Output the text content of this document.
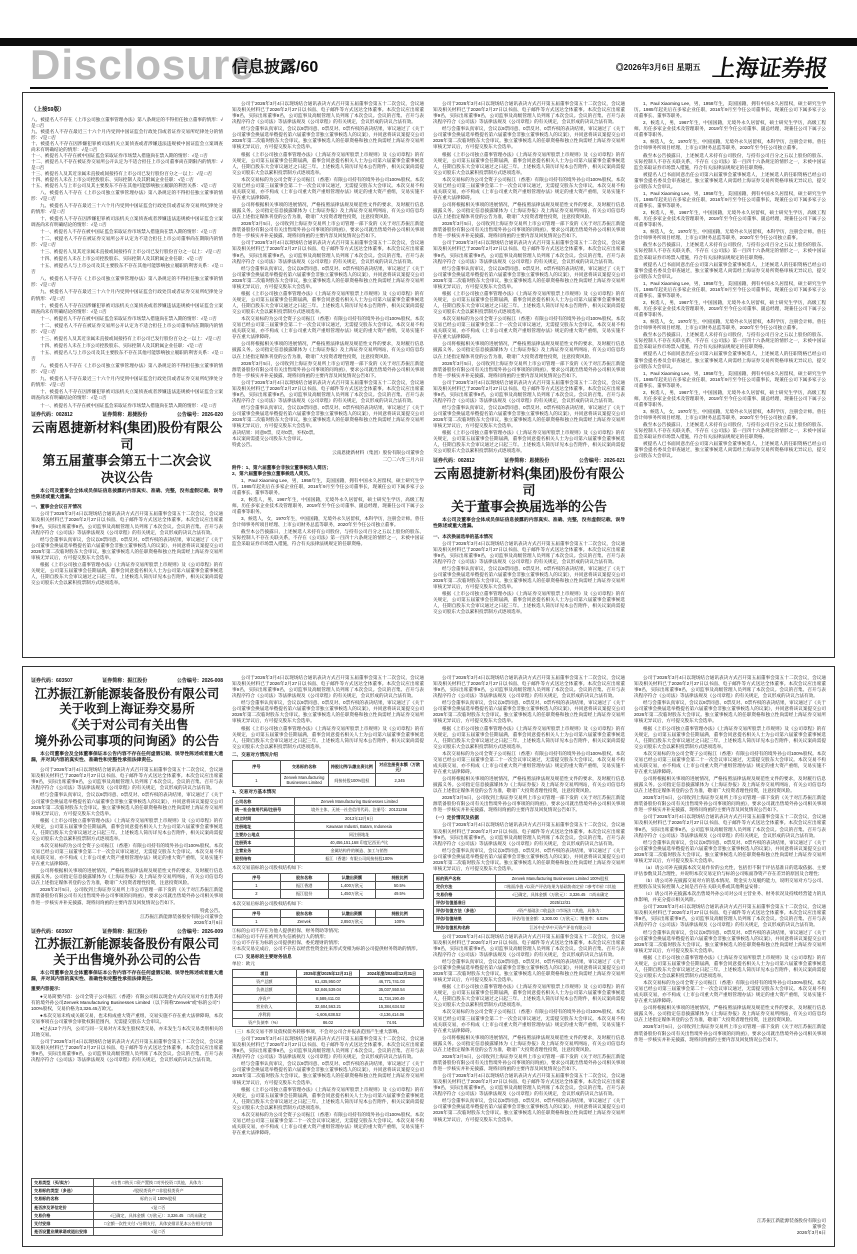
Disclosure
信息披露/60	$^{◎2026年3月6日 星期五}$ 上海证券报

（上接59版）

八、被提名人不存在《上市公司独立董事管理办法》第八条规定的不得担任独立董事的情形：√是 □否

九、被提名人不存在最近三十六个月内受到中国证监会行政处罚或者证券交易所纪律处分的情形：√是 □否

十、被提名人不存在因涉嫌犯罪被司法机关立案侦查或者涉嫌违法违规被中国证监会立案调查尚未有明确结论的情形：√是 □否

十一、被提名人不存在被中国证监会采取证券市场禁入措施尚在禁入期的情形：√是 □否

十二、被提名人不存在被证券交易所公开认定为不适合担任上市公司董事尚在期限内的情形：√是 □否

十三、被提名人及其近亲属未直接或间接持有上市公司已发行股份百分之一以上：√是 □否

十四、被提名人未在上市公司控股股东、实际控制人及其附属企业任职：√是 □否

十五、被提名人与上市公司及其主要股东不存在其他可能影响独立履职的利害关系：√是 □否

八、被提名人不存在《上市公司独立董事管理办法》第八条规定的不得担任独立董事的情形：√是 □否

九、被提名人不存在最近三十六个月内受到中国证监会行政处罚或者证券交易所纪律处分的情形：√是 □否

十、被提名人不存在因涉嫌犯罪被司法机关立案侦查或者涉嫌违法违规被中国证监会立案调查尚未有明确结论的情形：√是 □否

十一、被提名人不存在被中国证监会采取证券市场禁入措施尚在禁入期的情形：√是 □否

十二、被提名人不存在被证券交易所公开认定为不适合担任上市公司董事尚在期限内的情形：√是 □否

十三、被提名人及其近亲属未直接或间接持有上市公司已发行股份百分之一以上：√是 □否

十四、被提名人未在上市公司控股股东、实际控制人及其附属企业任职：√是 □否

十五、被提名人与上市公司及其主要股东不存在其他可能影响独立履职的利害关系：√是 □否

八、被提名人不存在《上市公司独立董事管理办法》第八条规定的不得担任独立董事的情形：√是 □否

九、被提名人不存在最近三十六个月内受到中国证监会行政处罚或者证券交易所纪律处分的情形：√是 □否

十、被提名人不存在因涉嫌犯罪被司法机关立案侦查或者涉嫌违法违规被中国证监会立案调查尚未有明确结论的情形：√是 □否

十一、被提名人不存在被中国证监会采取证券市场禁入措施尚在禁入期的情形：√是 □否

十二、被提名人不存在被证券交易所公开认定为不适合担任上市公司董事尚在期限内的情形：√是 □否

十三、被提名人及其近亲属未直接或间接持有上市公司已发行股份百分之一以上：√是 □否

十四、被提名人未在上市公司控股股东、实际控制人及其附属企业任职：√是 □否

十五、被提名人与上市公司及其主要股东不存在其他可能影响独立履职的利害关系：√是 □否

八、被提名人不存在《上市公司独立董事管理办法》第八条规定的不得担任独立董事的情形：√是 □否

九、被提名人不存在最近三十六个月内受到中国证监会行政处罚或者证券交易所纪律处分的情形：√是 □否

十、被提名人不存在因涉嫌犯罪被司法机关立案侦查或者涉嫌违法违规被中国证监会立案调查尚未有明确结论的情形：√是 □否

十一、被提名人不存在被中国证监会采取证券市场禁入措施尚在禁入期的情形：√是 □否

证券代码：002812	证券简称：恩捷股份	公告编号：2026-020

云南恩捷新材料(集团)股份有限公司

第五届董事会第五十二次会议

决议公告

本公司及董事会全体成员保证信息披露的内容真实、准确、完整，没有虚假记载、误导性陈述或重大遗漏。

一、董事会会议召开情况

公司于2026年3月4日以现场结合通讯表决方式召开第五届董事会第五十二次会议，会议通知及相关材料已于2026年2月27日以书面、电子邮件等方式送达全体董事。本次会议应出席董事9名，实际出席董事9名，公司监事及高级管理人员列席了本次会议。会议的召集、召开与表决程序符合《公司法》等法律法规及《公司章程》的有关规定，会议形成的决议合法有效。

经与会董事认真审议，会议以9票同意、0票反对、0票弃权的表决结果，审议通过了《关于公司董事会换届选举暨提名第六届董事会非独立董事候选人的议案》，并同意将该议案提交公司2026年第二次临时股东大会审议。独立董事候选人的任职资格和独立性尚需经上海证券交易所审核无异议后，方可提交股东大会选举。

根据《上市公司独立董事管理办法》《上海证券交易所股票上市规则》及《公司章程》的有关规定，公司第五届董事会任期届满，董事会同意提名相关人士为公司第六届董事会董事候选人，任期自股东大会审议通过之日起三年。上述候选人简历详见本公告附件，相关议案尚需提交公司股东大会以累积投票制方式逐项选举。

公司于2026年3月4日以现场结合通讯表决方式召开第五届董事会第五十二次会议，会议通知及相关材料已于2026年2月27日以书面、电子邮件等方式送达全体董事。本次会议应出席董事9名，实际出席董事9名，公司监事及高级管理人员列席了本次会议。会议的召集、召开与表决程序符合《公司法》等法律法规及《公司章程》的有关规定，会议形成的决议合法有效。

经与会董事认真审议，会议以9票同意、0票反对、0票弃权的表决结果，审议通过了《关于公司董事会换届选举暨提名第六届董事会非独立董事候选人的议案》，并同意将该议案提交公司2026年第二次临时股东大会审议。独立董事候选人的任职资格和独立性尚需经上海证券交易所审核无异议后，方可提交股东大会选举。

根据《上市公司独立董事管理办法》《上海证券交易所股票上市规则》及《公司章程》的有关规定，公司第五届董事会任期届满，董事会同意提名相关人士为公司第六届董事会董事候选人，任期自股东大会审议通过之日起三年。上述候选人简历详见本公告附件，相关议案尚需提交公司股东大会以累积投票制方式逐项选举。

本次交易标的为公司全资子公司振江（香港）有限公司持有的境外孙公司100%股权。本次交易已经公司第三届董事会第二十一次会议审议通过，无需提交股东大会审议。本次交易不构成关联交易，亦不构成《上市公司重大资产重组管理办法》规定的重大资产重组，交易实施不存在重大法律障碍。

公司将根据相关事项的进展情况，严格按照法律法规及规范性文件的要求，及时履行信息披露义务。公司指定信息披露媒体为《上海证券报》及上海证券交易所网站，有关公司信息均以在上述指定媒体刊登的公告为准，敬请广大投资者理性投资，注意投资风险。

2026年3月5日，公司收到上海证券交易所上市公司管理一部下发的《关于对江苏振江新能源装备股份有限公司有关出售境外孙公司事项的问询函》，要求公司就出售境外孙公司相关事项作进一步核实并补充披露，现将问询函的主要内容及回复情况公告如下。

公司于2026年3月4日以现场结合通讯表决方式召开第五届董事会第五十二次会议，会议通知及相关材料已于2026年2月27日以书面、电子邮件等方式送达全体董事。本次会议应出席董事9名，实际出席董事9名，公司监事及高级管理人员列席了本次会议。会议的召集、召开与表决程序符合《公司法》等法律法规及《公司章程》的有关规定，会议形成的决议合法有效。

经与会董事认真审议，会议以9票同意、0票反对、0票弃权的表决结果，审议通过了《关于公司董事会换届选举暨提名第六届董事会非独立董事候选人的议案》，并同意将该议案提交公司2026年第二次临时股东大会审议。独立董事候选人的任职资格和独立性尚需经上海证券交易所审核无异议后，方可提交股东大会选举。

根据《上市公司独立董事管理办法》《上海证券交易所股票上市规则》及《公司章程》的有关规定，公司第五届董事会任期届满，董事会同意提名相关人士为公司第六届董事会董事候选人，任期自股东大会审议通过之日起三年。上述候选人简历详见本公告附件，相关议案尚需提交公司股东大会以累积投票制方式逐项选举。

本次交易标的为公司全资子公司振江（香港）有限公司持有的境外孙公司100%股权。本次交易已经公司第三届董事会第二十一次会议审议通过，无需提交股东大会审议。本次交易不构成关联交易，亦不构成《上市公司重大资产重组管理办法》规定的重大资产重组，交易实施不存在重大法律障碍。

公司将根据相关事项的进展情况，严格按照法律法规及规范性文件的要求，及时履行信息披露义务。公司指定信息披露媒体为《上海证券报》及上海证券交易所网站，有关公司信息均以在上述指定媒体刊登的公告为准，敬请广大投资者理性投资，注意投资风险。

2026年3月5日，公司收到上海证券交易所上市公司管理一部下发的《关于对江苏振江新能源装备股份有限公司有关出售境外孙公司事项的问询函》，要求公司就出售境外孙公司相关事项作进一步核实并补充披露，现将问询函的主要内容及回复情况公告如下。

公司于2026年3月4日以现场结合通讯表决方式召开第五届董事会第五十二次会议，会议通知及相关材料已于2026年2月27日以书面、电子邮件等方式送达全体董事。本次会议应出席董事9名，实际出席董事9名，公司监事及高级管理人员列席了本次会议。会议的召集、召开与表决程序符合《公司法》等法律法规及《公司章程》的有关规定，会议形成的决议合法有效。

经与会董事认真审议，会议以9票同意、0票反对、0票弃权的表决结果，审议通过了《关于公司董事会换届选举暨提名第六届董事会非独立董事候选人的议案》，并同意将该议案提交公司2026年第二次临时股东大会审议。独立董事候选人的任职资格和独立性尚需经上海证券交易所审核无异议后，方可提交股东大会选举。

表决结果：同意9票，反对0票，弃权0票。

本议案尚需提交公司股东大会审议。

特此公告。

云南恩捷新材料（集团）股份有限公司董事会

二〇二六年三月六日

附件：1、第六届董事会非独立董事候选人简历；

2、第六届董事会独立董事候选人简历。

1、Paul Xiaoming Lee，男，1958年生，美国国籍，拥有中国永久居留权，硕士研究生学历。1985年起先后在多家企业任职，2016年9月至今任公司董事长，现兼任公司下属多家子公司董事长、董事等职务。

2、候选人，男，1967年生，中国国籍，无境外永久居留权，硕士研究生学历，高级工程师。历任多家企业技术及管理职务，2019年至今任公司董事、副总经理，现兼任公司下属子公司董事等职务。

3、候选人，女，1970年生，中国国籍，无境外永久居留权，本科学历，注册会计师。曾任会计师事务所项目经理、上市公司财务总监等职务，2020年至今任公司独立董事。

截至本公告披露日，上述候选人未持有公司股份，与持有公司百分之五以上股份的股东、实际控制人不存在关联关系，不存在《公司法》第一百四十六条规定的情形之一，未被中国证监会采取证券市场禁入措施，符合有关法律法规规定的任职资格。

公司于2026年3月4日以现场结合通讯表决方式召开第五届董事会第五十二次会议，会议通知及相关材料已于2026年2月27日以书面、电子邮件等方式送达全体董事。本次会议应出席董事9名，实际出席董事9名，公司监事及高级管理人员列席了本次会议。会议的召集、召开与表决程序符合《公司法》等法律法规及《公司章程》的有关规定，会议形成的决议合法有效。

经与会董事认真审议，会议以9票同意、0票反对、0票弃权的表决结果，审议通过了《关于公司董事会换届选举暨提名第六届董事会非独立董事候选人的议案》，并同意将该议案提交公司2026年第二次临时股东大会审议。独立董事候选人的任职资格和独立性尚需经上海证券交易所审核无异议后，方可提交股东大会选举。

根据《上市公司独立董事管理办法》《上海证券交易所股票上市规则》及《公司章程》的有关规定，公司第五届董事会任期届满，董事会同意提名相关人士为公司第六届董事会董事候选人，任期自股东大会审议通过之日起三年。上述候选人简历详见本公告附件，相关议案尚需提交公司股东大会以累积投票制方式逐项选举。

本次交易标的为公司全资子公司振江（香港）有限公司持有的境外孙公司100%股权。本次交易已经公司第三届董事会第二十一次会议审议通过，无需提交股东大会审议。本次交易不构成关联交易，亦不构成《上市公司重大资产重组管理办法》规定的重大资产重组，交易实施不存在重大法律障碍。

公司将根据相关事项的进展情况，严格按照法律法规及规范性文件的要求，及时履行信息披露义务。公司指定信息披露媒体为《上海证券报》及上海证券交易所网站，有关公司信息均以在上述指定媒体刊登的公告为准，敬请广大投资者理性投资，注意投资风险。

2026年3月5日，公司收到上海证券交易所上市公司管理一部下发的《关于对江苏振江新能源装备股份有限公司有关出售境外孙公司事项的问询函》，要求公司就出售境外孙公司相关事项作进一步核实并补充披露，现将问询函的主要内容及回复情况公告如下。

公司于2026年3月4日以现场结合通讯表决方式召开第五届董事会第五十二次会议，会议通知及相关材料已于2026年2月27日以书面、电子邮件等方式送达全体董事。本次会议应出席董事9名，实际出席董事9名，公司监事及高级管理人员列席了本次会议。会议的召集、召开与表决程序符合《公司法》等法律法规及《公司章程》的有关规定，会议形成的决议合法有效。

经与会董事认真审议，会议以9票同意、0票反对、0票弃权的表决结果，审议通过了《关于公司董事会换届选举暨提名第六届董事会非独立董事候选人的议案》，并同意将该议案提交公司2026年第二次临时股东大会审议。独立董事候选人的任职资格和独立性尚需经上海证券交易所审核无异议后，方可提交股东大会选举。

根据《上市公司独立董事管理办法》《上海证券交易所股票上市规则》及《公司章程》的有关规定，公司第五届董事会任期届满，董事会同意提名相关人士为公司第六届董事会董事候选人，任期自股东大会审议通过之日起三年。上述候选人简历详见本公告附件，相关议案尚需提交公司股东大会以累积投票制方式逐项选举。

本次交易标的为公司全资子公司振江（香港）有限公司持有的境外孙公司100%股权。本次交易已经公司第三届董事会第二十一次会议审议通过，无需提交股东大会审议。本次交易不构成关联交易，亦不构成《上市公司重大资产重组管理办法》规定的重大资产重组，交易实施不存在重大法律障碍。

公司将根据相关事项的进展情况，严格按照法律法规及规范性文件的要求，及时履行信息披露义务。公司指定信息披露媒体为《上海证券报》及上海证券交易所网站，有关公司信息均以在上述指定媒体刊登的公告为准，敬请广大投资者理性投资，注意投资风险。

2026年3月5日，公司收到上海证券交易所上市公司管理一部下发的《关于对江苏振江新能源装备股份有限公司有关出售境外孙公司事项的问询函》，要求公司就出售境外孙公司相关事项作进一步核实并补充披露，现将问询函的主要内容及回复情况公告如下。

公司于2026年3月4日以现场结合通讯表决方式召开第五届董事会第五十二次会议，会议通知及相关材料已于2026年2月27日以书面、电子邮件等方式送达全体董事。本次会议应出席董事9名，实际出席董事9名，公司监事及高级管理人员列席了本次会议。会议的召集、召开与表决程序符合《公司法》等法律法规及《公司章程》的有关规定，会议形成的决议合法有效。

经与会董事认真审议，会议以9票同意、0票反对、0票弃权的表决结果，审议通过了《关于公司董事会换届选举暨提名第六届董事会非独立董事候选人的议案》，并同意将该议案提交公司2026年第二次临时股东大会审议。独立董事候选人的任职资格和独立性尚需经上海证券交易所审核无异议后，方可提交股东大会选举。

根据《上市公司独立董事管理办法》《上海证券交易所股票上市规则》及《公司章程》的有关规定，公司第五届董事会任期届满，董事会同意提名相关人士为公司第六届董事会董事候选人，任期自股东大会审议通过之日起三年。上述候选人简历详见本公告附件，相关议案尚需提交公司股东大会以累积投票制方式逐项选举。

证券代码：002812	证券简称：恩捷股份	公告编号：2026-021

云南恩捷新材料(集团)股份有限公司

关于董事会换届选举的公告

本公司及董事会全体成员保证信息披露的内容真实、准确、完整，没有虚假记载、误导性陈述或重大遗漏。

一、本次换届选举的基本情况

公司于2026年3月4日以现场结合通讯表决方式召开第五届董事会第五十二次会议，会议通知及相关材料已于2026年2月27日以书面、电子邮件等方式送达全体董事。本次会议应出席董事9名，实际出席董事9名，公司监事及高级管理人员列席了本次会议。会议的召集、召开与表决程序符合《公司法》等法律法规及《公司章程》的有关规定，会议形成的决议合法有效。

经与会董事认真审议，会议以9票同意、0票反对、0票弃权的表决结果，审议通过了《关于公司董事会换届选举暨提名第六届董事会非独立董事候选人的议案》，并同意将该议案提交公司2026年第二次临时股东大会审议。独立董事候选人的任职资格和独立性尚需经上海证券交易所审核无异议后，方可提交股东大会选举。

根据《上市公司独立董事管理办法》《上海证券交易所股票上市规则》及《公司章程》的有关规定，公司第五届董事会任期届满，董事会同意提名相关人士为公司第六届董事会董事候选人，任期自股东大会审议通过之日起三年。上述候选人简历详见本公告附件，相关议案尚需提交公司股东大会以累积投票制方式逐项选举。

1、Paul Xiaoming Lee，男，1958年生，美国国籍，拥有中国永久居留权，硕士研究生学历。1985年起先后在多家企业任职，2016年9月至今任公司董事长，现兼任公司下属多家子公司董事长、董事等职务。

2、候选人，男，1967年生，中国国籍，无境外永久居留权，硕士研究生学历，高级工程师。历任多家企业技术及管理职务，2019年至今任公司董事、副总经理，现兼任公司下属子公司董事等职务。

3、候选人，女，1970年生，中国国籍，无境外永久居留权，本科学历，注册会计师。曾任会计师事务所项目经理、上市公司财务总监等职务，2020年至今任公司独立董事。

截至本公告披露日，上述候选人未持有公司股份，与持有公司百分之五以上股份的股东、实际控制人不存在关联关系，不存在《公司法》第一百四十六条规定的情形之一，未被中国证监会采取证券市场禁入措施，符合有关法律法规规定的任职资格。

被提名人已书面同意出任公司第六届董事会董事候选人，上述候选人的任职资格已经公司董事会提名委员会审查通过，独立董事候选人尚需经上海证券交易所资格审核无异议后，提交公司股东大会审议。

1、Paul Xiaoming Lee，男，1958年生，美国国籍，拥有中国永久居留权，硕士研究生学历。1985年起先后在多家企业任职，2016年9月至今任公司董事长，现兼任公司下属多家子公司董事长、董事等职务。

2、候选人，男，1967年生，中国国籍，无境外永久居留权，硕士研究生学历，高级工程师。历任多家企业技术及管理职务，2019年至今任公司董事、副总经理，现兼任公司下属子公司董事等职务。

3、候选人，女，1970年生，中国国籍，无境外永久居留权，本科学历，注册会计师。曾任会计师事务所项目经理、上市公司财务总监等职务，2020年至今任公司独立董事。

截至本公告披露日，上述候选人未持有公司股份，与持有公司百分之五以上股份的股东、实际控制人不存在关联关系，不存在《公司法》第一百四十六条规定的情形之一，未被中国证监会采取证券市场禁入措施，符合有关法律法规规定的任职资格。

被提名人已书面同意出任公司第六届董事会董事候选人，上述候选人的任职资格已经公司董事会提名委员会审查通过，独立董事候选人尚需经上海证券交易所资格审核无异议后，提交公司股东大会审议。

1、Paul Xiaoming Lee，男，1958年生，美国国籍，拥有中国永久居留权，硕士研究生学历。1985年起先后在多家企业任职，2016年9月至今任公司董事长，现兼任公司下属多家子公司董事长、董事等职务。

2、候选人，男，1967年生，中国国籍，无境外永久居留权，硕士研究生学历，高级工程师。历任多家企业技术及管理职务，2019年至今任公司董事、副总经理，现兼任公司下属子公司董事等职务。

3、候选人，女，1970年生，中国国籍，无境外永久居留权，本科学历，注册会计师。曾任会计师事务所项目经理、上市公司财务总监等职务，2020年至今任公司独立董事。

截至本公告披露日，上述候选人未持有公司股份，与持有公司百分之五以上股份的股东、实际控制人不存在关联关系，不存在《公司法》第一百四十六条规定的情形之一，未被中国证监会采取证券市场禁入措施，符合有关法律法规规定的任职资格。

被提名人已书面同意出任公司第六届董事会董事候选人，上述候选人的任职资格已经公司董事会提名委员会审查通过，独立董事候选人尚需经上海证券交易所资格审核无异议后，提交公司股东大会审议。

1、Paul Xiaoming Lee，男，1958年生，美国国籍，拥有中国永久居留权，硕士研究生学历。1985年起先后在多家企业任职，2016年9月至今任公司董事长，现兼任公司下属多家子公司董事长、董事等职务。

2、候选人，男，1967年生，中国国籍，无境外永久居留权，硕士研究生学历，高级工程师。历任多家企业技术及管理职务，2019年至今任公司董事、副总经理，现兼任公司下属子公司董事等职务。

3、候选人，女，1970年生，中国国籍，无境外永久居留权，本科学历，注册会计师。曾任会计师事务所项目经理、上市公司财务总监等职务，2020年至今任公司独立董事。

截至本公告披露日，上述候选人未持有公司股份，与持有公司百分之五以上股份的股东、实际控制人不存在关联关系，不存在《公司法》第一百四十六条规定的情形之一，未被中国证监会采取证券市场禁入措施，符合有关法律法规规定的任职资格。

被提名人已书面同意出任公司第六届董事会董事候选人，上述候选人的任职资格已经公司董事会提名委员会审查通过，独立董事候选人尚需经上海证券交易所资格审核无异议后，提交公司股东大会审议。

证券代码：603507	证券简称：振江股份	公告编号：2026-008

江苏振江新能源装备股份有限公司

关于收到上海证券交易所

《关于对公司有关出售

境外孙公司事项的问询函》的公告

本公司董事会及全体董事保证本公告内容不存在任何虚假记载、误导性陈述或者重大遗漏，并对其内容的真实性、准确性和完整性承担法律责任。

公司于2026年3月4日以现场结合通讯表决方式召开第五届董事会第五十二次会议，会议通知及相关材料已于2026年2月27日以书面、电子邮件等方式送达全体董事。本次会议应出席董事9名，实际出席董事9名，公司监事及高级管理人员列席了本次会议。会议的召集、召开与表决程序符合《公司法》等法律法规及《公司章程》的有关规定，会议形成的决议合法有效。

经与会董事认真审议，会议以9票同意、0票反对、0票弃权的表决结果，审议通过了《关于公司董事会换届选举暨提名第六届董事会非独立董事候选人的议案》，并同意将该议案提交公司2026年第二次临时股东大会审议。独立董事候选人的任职资格和独立性尚需经上海证券交易所审核无异议后，方可提交股东大会选举。

根据《上市公司独立董事管理办法》《上海证券交易所股票上市规则》及《公司章程》的有关规定，公司第五届董事会任期届满，董事会同意提名相关人士为公司第六届董事会董事候选人，任期自股东大会审议通过之日起三年。上述候选人简历详见本公告附件，相关议案尚需提交公司股东大会以累积投票制方式逐项选举。

本次交易标的为公司全资子公司振江（香港）有限公司持有的境外孙公司100%股权。本次交易已经公司第三届董事会第二十一次会议审议通过，无需提交股东大会审议。本次交易不构成关联交易，亦不构成《上市公司重大资产重组管理办法》规定的重大资产重组，交易实施不存在重大法律障碍。

公司将根据相关事项的进展情况，严格按照法律法规及规范性文件的要求，及时履行信息披露义务。公司指定信息披露媒体为《上海证券报》及上海证券交易所网站，有关公司信息均以在上述指定媒体刊登的公告为准，敬请广大投资者理性投资，注意投资风险。

2026年3月5日，公司收到上海证券交易所上市公司管理一部下发的《关于对江苏振江新能源装备股份有限公司有关出售境外孙公司事项的问询函》，要求公司就出售境外孙公司相关事项作进一步核实并补充披露，现将问询函的主要内容及回复情况公告如下。

特此公告。

江苏振江新能源装备股份有限公司董事会

2026年3月6日

证券代码：603507	证券简称：振江股份	公告编号：2026-009

江苏振江新能源装备股份有限公司

关于出售境外孙公司的公告

本公司董事会及全体董事保证本公告内容不存在任何虚假记载、误导性陈述或者重大遗漏，并对其内容的真实性、准确性和完整性承担法律责任。

重要内容提示：

●交易简要内容：公司全资子公司振江（香港）有限公司拟以现金方式向交易对方出售其持有的境外孙公司Zenvek Manufacturing Businesses Limited（以下简称“Zenvek”或“标的公司”）100%股权，交易价格为3,326.45万欧元。

●本次交易未构成关联交易，也未构成重大资产重组，交易实施不存在重大法律障碍，本次交易事项在公司董事会审批权限范围内，无需提交股东大会审议。

●过去12个月内，公司与同一交易对方未发生股权类交易，亦未发生与本次交易类别相关的其他交易。

公司于2026年3月4日以现场结合通讯表决方式召开第五届董事会第五十二次会议，会议通知及相关材料已于2026年2月27日以书面、电子邮件等方式送达全体董事。本次会议应出席董事9名，实际出席董事9名，公司监事及高级管理人员列席了本次会议。会议的召集、召开与表决程序符合《公司法》等法律法规及《公司章程》的有关规定，会议形成的决议合法有效。

交易类型（买/卖方）	√出售 □购买 □资产置换 □对外投资 □其他，具体为：
交易标的类型（多选）	√股权类资产 □非股权类资产
交易标的名称	标的公司 100%股权
是否涉及评估定价	√是 □否
交易价格	√已确定，具体金额（万欧元）：3,326.45　□尚未确定
支付安排	□全额一次性支付 √分期支付，具体安排详见本公告相关内容
是否设置业绩承诺或退出安排	√是 □否

公司于2026年3月4日以现场结合通讯表决方式召开第五届董事会第五十二次会议，会议通知及相关材料已于2026年2月27日以书面、电子邮件等方式送达全体董事。本次会议应出席董事9名，实际出席董事9名，公司监事及高级管理人员列席了本次会议。会议的召集、召开与表决程序符合《公司法》等法律法规及《公司章程》的有关规定，会议形成的决议合法有效。

经与会董事认真审议，会议以9票同意、0票反对、0票弃权的表决结果，审议通过了《关于公司董事会换届选举暨提名第六届董事会非独立董事候选人的议案》，并同意将该议案提交公司2026年第二次临时股东大会审议。独立董事候选人的任职资格和独立性尚需经上海证券交易所审核无异议后，方可提交股东大会选举。

根据《上市公司独立董事管理办法》《上海证券交易所股票上市规则》及《公司章程》的有关规定，公司第五届董事会任期届满，董事会同意提名相关人士为公司第六届董事会董事候选人，任期自股东大会审议通过之日起三年。上述候选人简历详见本公告附件，相关议案尚需提交公司股东大会以累积投票制方式逐项选举。

二、交易对方情况介绍

序号	交易标的名称	持股比例/认缴出资比例	对应注册资本额（万欧元）
1	Zenvek Manufacturing Businesses Limited	间接持股100%股权	2,345

1、交易对方基本情况

公司名称	Zenvek Manufacturing Businesses Limited
统一社会信用代码/注册号	境外主体，无统一社会信用代码，注册号：20131258
成立时间	2013年12月6日
注册地址	Kawasan Industri, Batam, Indonesia
主要办公地点	同注册地址
注册资本	40,456,151,168 印度尼西亚卢比
主营业务	金属结构件的制造、加工与销售
股权结构	振江（香港）有限公司间接持股100%

本次交易前标的公司股权结构如下：

序号	股东名称	认缴出资额	持股比例
1	振江香港	1,400万欧元	50.5%
2	振江股份	1,450万欧元	49.5%

本次交易后标的公司股权结构如下：

序号	股东名称	认缴出资额	持股比例
1	Zenvek	2,850万欧元	100%

①标的公司不存在为他人提供担保、财务资助等情况；

②标的公司不存在被列为失信被执行人的情形；

③公司不存在为标的公司提供担保、委托理财的情形；

④本次交易完成后，公司不存在以经营性资金往来形式变相为标的公司提供财务资助的情形。

（二）交易标的主要财务信息

单位：欧元

项目	2025年度/2025年12月31日	2024年度/2024年12月31日
资产总额	61,435,950.07	46,771,741.03
负债总额	52,846,539.04	35,037,550.54
净资产	8,589,411.03	11,734,190.49
营业收入	32,604,563.21	15,384,634.52
净利润	-1,606,638.52	-3,136,414.06
资产负债率（%）	86.02	74.91

（三）本次交易不涉及债权债务转移事项，不会对公司合并报表范围产生重大影响。

公司于2026年3月4日以现场结合通讯表决方式召开第五届董事会第五十二次会议，会议通知及相关材料已于2026年2月27日以书面、电子邮件等方式送达全体董事。本次会议应出席董事9名，实际出席董事9名，公司监事及高级管理人员列席了本次会议。会议的召集、召开与表决程序符合《公司法》等法律法规及《公司章程》的有关规定，会议形成的决议合法有效。

经与会董事认真审议，会议以9票同意、0票反对、0票弃权的表决结果，审议通过了《关于公司董事会换届选举暨提名第六届董事会非独立董事候选人的议案》，并同意将该议案提交公司2026年第二次临时股东大会审议。独立董事候选人的任职资格和独立性尚需经上海证券交易所审核无异议后，方可提交股东大会选举。

根据《上市公司独立董事管理办法》《上海证券交易所股票上市规则》及《公司章程》的有关规定，公司第五届董事会任期届满，董事会同意提名相关人士为公司第六届董事会董事候选人，任期自股东大会审议通过之日起三年。上述候选人简历详见本公告附件，相关议案尚需提交公司股东大会以累积投票制方式逐项选举。

本次交易标的为公司全资子公司振江（香港）有限公司持有的境外孙公司100%股权。本次交易已经公司第三届董事会第二十一次会议审议通过，无需提交股东大会审议。本次交易不构成关联交易，亦不构成《上市公司重大资产重组管理办法》规定的重大资产重组，交易实施不存在重大法律障碍。

公司于2026年3月4日以现场结合通讯表决方式召开第五届董事会第五十二次会议，会议通知及相关材料已于2026年2月27日以书面、电子邮件等方式送达全体董事。本次会议应出席董事9名，实际出席董事9名，公司监事及高级管理人员列席了本次会议。会议的召集、召开与表决程序符合《公司法》等法律法规及《公司章程》的有关规定，会议形成的决议合法有效。

经与会董事认真审议，会议以9票同意、0票反对、0票弃权的表决结果，审议通过了《关于公司董事会换届选举暨提名第六届董事会非独立董事候选人的议案》，并同意将该议案提交公司2026年第二次临时股东大会审议。独立董事候选人的任职资格和独立性尚需经上海证券交易所审核无异议后，方可提交股东大会选举。

根据《上市公司独立董事管理办法》《上海证券交易所股票上市规则》及《公司章程》的有关规定，公司第五届董事会任期届满，董事会同意提名相关人士为公司第六届董事会董事候选人，任期自股东大会审议通过之日起三年。上述候选人简历详见本公告附件，相关议案尚需提交公司股东大会以累积投票制方式逐项选举。

本次交易标的为公司全资子公司振江（香港）有限公司持有的境外孙公司100%股权。本次交易已经公司第三届董事会第二十一次会议审议通过，无需提交股东大会审议。本次交易不构成关联交易，亦不构成《上市公司重大资产重组管理办法》规定的重大资产重组，交易实施不存在重大法律障碍。

公司将根据相关事项的进展情况，严格按照法律法规及规范性文件的要求，及时履行信息披露义务。公司指定信息披露媒体为《上海证券报》及上海证券交易所网站，有关公司信息均以在上述指定媒体刊登的公告为准，敬请广大投资者理性投资，注意投资风险。

2026年3月5日，公司收到上海证券交易所上市公司管理一部下发的《关于对江苏振江新能源装备股份有限公司有关出售境外孙公司事项的问询函》，要求公司就出售境外孙公司相关事项作进一步核实并补充披露，现将问询函的主要内容及回复情况公告如下。

（一）定价情况及依据

公司于2026年3月4日以现场结合通讯表决方式召开第五届董事会第五十二次会议，会议通知及相关材料已于2026年2月27日以书面、电子邮件等方式送达全体董事。本次会议应出席董事9名，实际出席董事9名，公司监事及高级管理人员列席了本次会议。会议的召集、召开与表决程序符合《公司法》等法律法规及《公司章程》的有关规定，会议形成的决议合法有效。

经与会董事认真审议，会议以9票同意、0票反对、0票弃权的表决结果，审议通过了《关于公司董事会换届选举暨提名第六届董事会非独立董事候选人的议案》，并同意将该议案提交公司2026年第二次临时股东大会审议。独立董事候选人的任职资格和独立性尚需经上海证券交易所审核无异议后，方可提交股东大会选举。

标的资产名称	Zenvek Manufacturing Businesses Limited 100%股权
定价方法	□账面净值 √以资产评估结果为基础协商定价 □参考市价 □其他
交易价格	√已确定，具体金额（万欧元）：3,326.45　□尚未确定
评估/估值基准日	2025/12/31
评估/估值方法（多选）	√资产基础法 □收益法 □市场法 □其他，具体为：
评估/估值结果	评估/估值金额：3,300.00（万欧元）；增值率：6.02%
评估/估值机构名称	江苏中企华中天资产评估有限公司

公司于2026年3月4日以现场结合通讯表决方式召开第五届董事会第五十二次会议，会议通知及相关材料已于2026年2月27日以书面、电子邮件等方式送达全体董事。本次会议应出席董事9名，实际出席董事9名，公司监事及高级管理人员列席了本次会议。会议的召集、召开与表决程序符合《公司法》等法律法规及《公司章程》的有关规定，会议形成的决议合法有效。

经与会董事认真审议，会议以9票同意、0票反对、0票弃权的表决结果，审议通过了《关于公司董事会换届选举暨提名第六届董事会非独立董事候选人的议案》，并同意将该议案提交公司2026年第二次临时股东大会审议。独立董事候选人的任职资格和独立性尚需经上海证券交易所审核无异议后，方可提交股东大会选举。

根据《上市公司独立董事管理办法》《上海证券交易所股票上市规则》及《公司章程》的有关规定，公司第五届董事会任期届满，董事会同意提名相关人士为公司第六届董事会董事候选人，任期自股东大会审议通过之日起三年。上述候选人简历详见本公告附件，相关议案尚需提交公司股东大会以累积投票制方式逐项选举。

本次交易标的为公司全资子公司振江（香港）有限公司持有的境外孙公司100%股权。本次交易已经公司第三届董事会第二十一次会议审议通过，无需提交股东大会审议。本次交易不构成关联交易，亦不构成《上市公司重大资产重组管理办法》规定的重大资产重组，交易实施不存在重大法律障碍。

公司将根据相关事项的进展情况，严格按照法律法规及规范性文件的要求，及时履行信息披露义务。公司指定信息披露媒体为《上海证券报》及上海证券交易所网站，有关公司信息均以在上述指定媒体刊登的公告为准，敬请广大投资者理性投资，注意投资风险。

2026年3月5日，公司收到上海证券交易所上市公司管理一部下发的《关于对江苏振江新能源装备股份有限公司有关出售境外孙公司事项的问询函》，要求公司就出售境外孙公司相关事项作进一步核实并补充披露，现将问询函的主要内容及回复情况公告如下。

公司于2026年3月4日以现场结合通讯表决方式召开第五届董事会第五十二次会议，会议通知及相关材料已于2026年2月27日以书面、电子邮件等方式送达全体董事。本次会议应出席董事9名，实际出席董事9名，公司监事及高级管理人员列席了本次会议。会议的召集、召开与表决程序符合《公司法》等法律法规及《公司章程》的有关规定，会议形成的决议合法有效。

经与会董事认真审议，会议以9票同意、0票反对、0票弃权的表决结果，审议通过了《关于公司董事会换届选举暨提名第六届董事会非独立董事候选人的议案》，并同意将该议案提交公司2026年第二次临时股东大会审议。独立董事候选人的任职资格和独立性尚需经上海证券交易所审核无异议后，方可提交股东大会选举。

公司于2026年3月4日以现场结合通讯表决方式召开第五届董事会第五十二次会议，会议通知及相关材料已于2026年2月27日以书面、电子邮件等方式送达全体董事。本次会议应出席董事9名，实际出席董事9名，公司监事及高级管理人员列席了本次会议。会议的召集、召开与表决程序符合《公司法》等法律法规及《公司章程》的有关规定，会议形成的决议合法有效。

经与会董事认真审议，会议以9票同意、0票反对、0票弃权的表决结果，审议通过了《关于公司董事会换届选举暨提名第六届董事会非独立董事候选人的议案》，并同意将该议案提交公司2026年第二次临时股东大会审议。独立董事候选人的任职资格和独立性尚需经上海证券交易所审核无异议后，方可提交股东大会选举。

根据《上市公司独立董事管理办法》《上海证券交易所股票上市规则》及《公司章程》的有关规定，公司第五届董事会任期届满，董事会同意提名相关人士为公司第六届董事会董事候选人，任期自股东大会审议通过之日起三年。上述候选人简历详见本公告附件，相关议案尚需提交公司股东大会以累积投票制方式逐项选举。

本次交易标的为公司全资子公司振江（香港）有限公司持有的境外孙公司100%股权。本次交易已经公司第三届董事会第二十一次会议审议通过，无需提交股东大会审议。本次交易不构成关联交易，亦不构成《上市公司重大资产重组管理办法》规定的重大资产重组，交易实施不存在重大法律障碍。

公司将根据相关事项的进展情况，严格按照法律法规及规范性文件的要求，及时履行信息披露义务。公司指定信息披露媒体为《上海证券报》及上海证券交易所网站，有关公司信息均以在上述指定媒体刊登的公告为准，敬请广大投资者理性投资，注意投资风险。

2026年3月5日，公司收到上海证券交易所上市公司管理一部下发的《关于对江苏振江新能源装备股份有限公司有关出售境外孙公司事项的问询函》，要求公司就出售境外孙公司相关事项作进一步核实并补充披露，现将问询函的主要内容及回复情况公告如下。

公司于2026年3月4日以现场结合通讯表决方式召开第五届董事会第五十二次会议，会议通知及相关材料已于2026年2月27日以书面、电子邮件等方式送达全体董事。本次会议应出席董事9名，实际出席董事9名，公司监事及高级管理人员列席了本次会议。会议的召集、召开与表决程序符合《公司法》等法律法规及《公司章程》的有关规定，会议形成的决议合法有效。

经与会董事认真审议，会议以9票同意、0票反对、0票弃权的表决结果，审议通过了《关于公司董事会换届选举暨提名第六届董事会非独立董事候选人的议案》，并同意将该议案提交公司2026年第二次临时股东大会审议。独立董事候选人的任职资格和独立性尚需经上海证券交易所审核无异议后，方可提交股东大会选举。

（a）请公司补充披露本次交易作价的公允性，包括但不限于评估基准日的选取依据、主要评估参数及其合理性，并说明本次交易定价与标的公司账面净资产存在差异的原因及合理性；

（b）请公司补充披露交易对方的基本情况、资金实力及履约能力，说明交易对方与公司、控股股东及实际控制人之间是否存在关联关系或其他利益安排；

（c）请公司补充披露本次出售境外孙公司对公司主营业务、财务状况及持续经营能力的具体影响，并充分提示相关风险。

公司于2026年3月4日以现场结合通讯表决方式召开第五届董事会第五十二次会议，会议通知及相关材料已于2026年2月27日以书面、电子邮件等方式送达全体董事。本次会议应出席董事9名，实际出席董事9名，公司监事及高级管理人员列席了本次会议。会议的召集、召开与表决程序符合《公司法》等法律法规及《公司章程》的有关规定，会议形成的决议合法有效。

经与会董事认真审议，会议以9票同意、0票反对、0票弃权的表决结果，审议通过了《关于公司董事会换届选举暨提名第六届董事会非独立董事候选人的议案》，并同意将该议案提交公司2026年第二次临时股东大会审议。独立董事候选人的任职资格和独立性尚需经上海证券交易所审核无异议后，方可提交股东大会选举。

根据《上市公司独立董事管理办法》《上海证券交易所股票上市规则》及《公司章程》的有关规定，公司第五届董事会任期届满，董事会同意提名相关人士为公司第六届董事会董事候选人，任期自股东大会审议通过之日起三年。上述候选人简历详见本公告附件，相关议案尚需提交公司股东大会以累积投票制方式逐项选举。

本次交易标的为公司全资子公司振江（香港）有限公司持有的境外孙公司100%股权。本次交易已经公司第三届董事会第二十一次会议审议通过，无需提交股东大会审议。本次交易不构成关联交易，亦不构成《上市公司重大资产重组管理办法》规定的重大资产重组，交易实施不存在重大法律障碍。

公司将根据相关事项的进展情况，严格按照法律法规及规范性文件的要求，及时履行信息披露义务。公司指定信息披露媒体为《上海证券报》及上海证券交易所网站，有关公司信息均以在上述指定媒体刊登的公告为准，敬请广大投资者理性投资，注意投资风险。

2026年3月5日，公司收到上海证券交易所上市公司管理一部下发的《关于对江苏振江新能源装备股份有限公司有关出售境外孙公司事项的问询函》，要求公司就出售境外孙公司相关事项作进一步核实并补充披露，现将问询函的主要内容及回复情况公告如下。

江苏振江新能源装备股份有限公司

董事会

2026年3月6日
